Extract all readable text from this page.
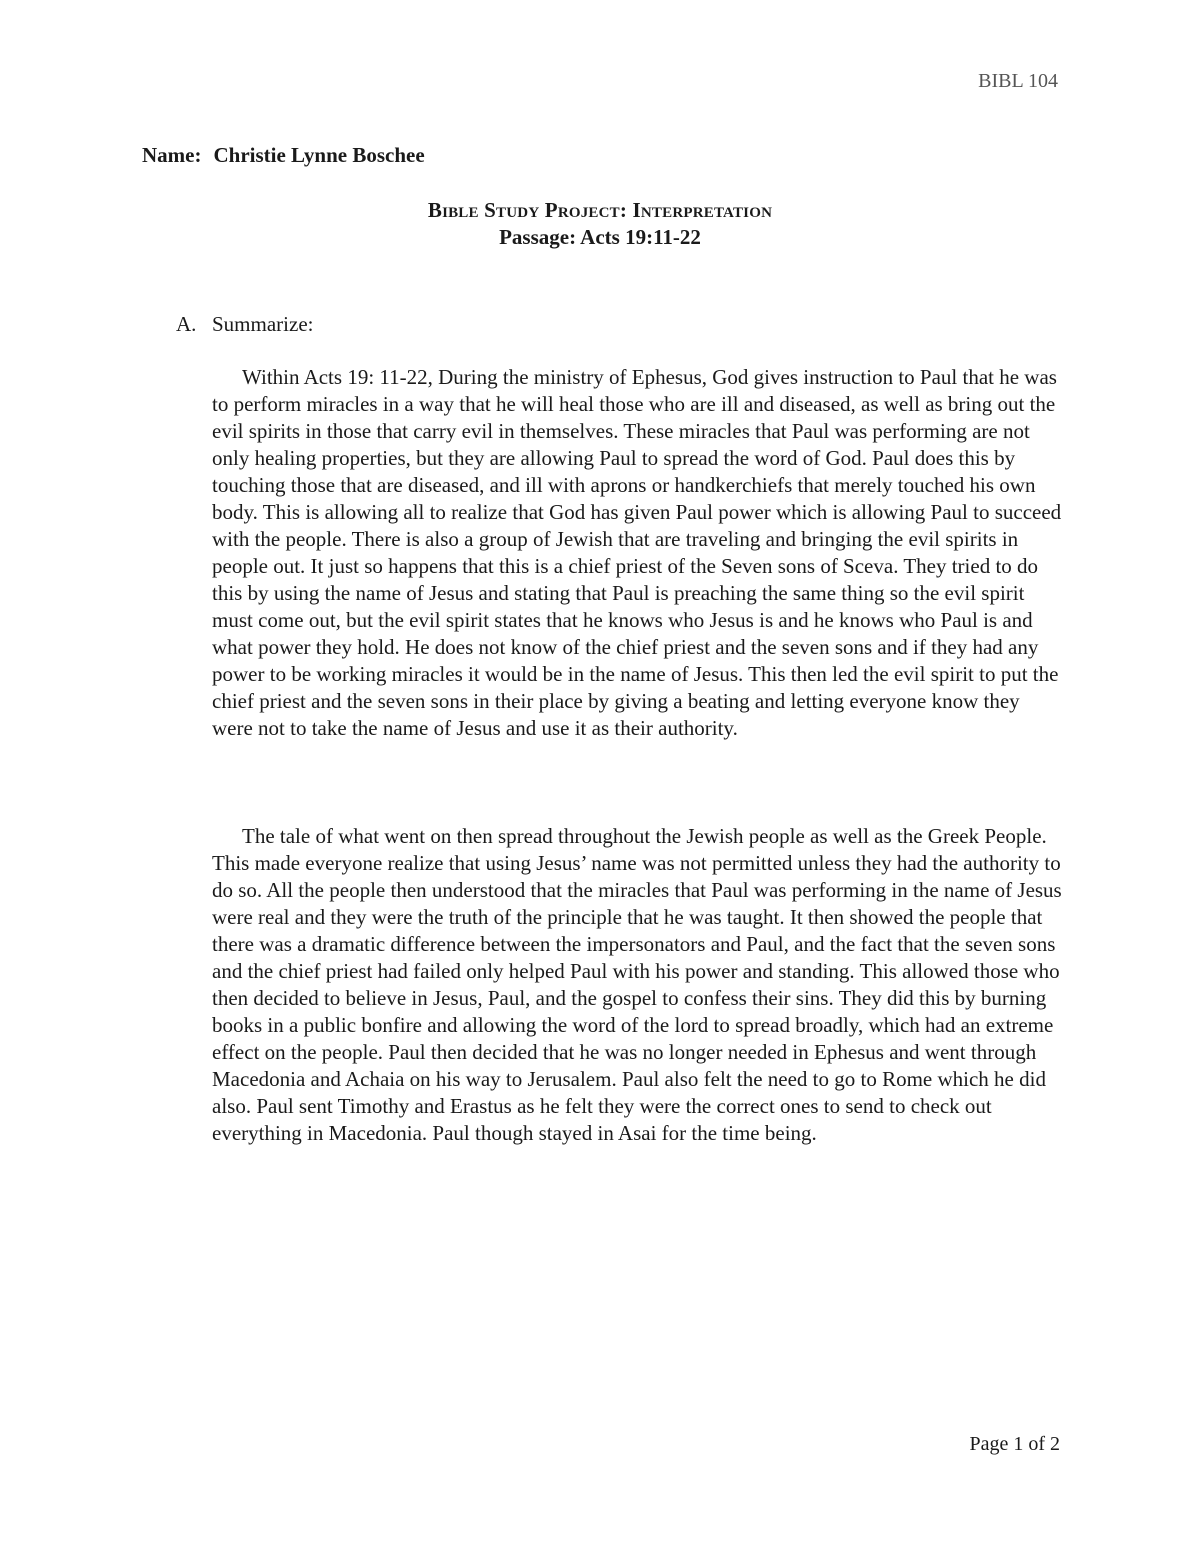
BIBL 104
Name: Christie Lynne Boschee
Bible Study Project: Interpretation
Passage: Acts 19:11-22
A. Summarize:

Within Acts 19: 11-22, During the ministry of Ephesus, God gives instruction to Paul that he was to perform miracles in a way that he will heal those who are ill and diseased, as well as bring out the evil spirits in those that carry evil in themselves. These miracles that Paul was performing are not only healing properties, but they are allowing Paul to spread the word of God. Paul does this by touching those that are diseased, and ill with aprons or handkerchiefs that merely touched his own body. This is allowing all to realize that God has given Paul power which is allowing Paul to succeed with the people. There is also a group of Jewish that are traveling and bringing the evil spirits in people out. It just so happens that this is a chief priest of the Seven sons of Sceva. They tried to do this by using the name of Jesus and stating that Paul is preaching the same thing so the evil spirit must come out, but the evil spirit states that he knows who Jesus is and he knows who Paul is and what power they hold. He does not know of the chief priest and the seven sons and if they had any power to be working miracles it would be in the name of Jesus. This then led the evil spirit to put the chief priest and the seven sons in their place by giving a beating and letting everyone know they were not to take the name of Jesus and use it as their authority.

The tale of what went on then spread throughout the Jewish people as well as the Greek People. This made everyone realize that using Jesus’ name was not permitted unless they had the authority to do so. All the people then understood that the miracles that Paul was performing in the name of Jesus were real and they were the truth of the principle that he was taught. It then showed the people that there was a dramatic difference between the impersonators and Paul, and the fact that the seven sons and the chief priest had failed only helped Paul with his power and standing. This allowed those who then decided to believe in Jesus, Paul, and the gospel to confess their sins. They did this by burning books in a public bonfire and allowing the word of the lord to spread broadly, which had an extreme effect on the people. Paul then decided that he was no longer needed in Ephesus and went through Macedonia and Achaia on his way to Jerusalem. Paul also felt the need to go to Rome which he did also. Paul sent Timothy and Erastus as he felt they were the correct ones to send to check out everything in Macedonia. Paul though stayed in Asai for the time being.

Page 1 of 2
